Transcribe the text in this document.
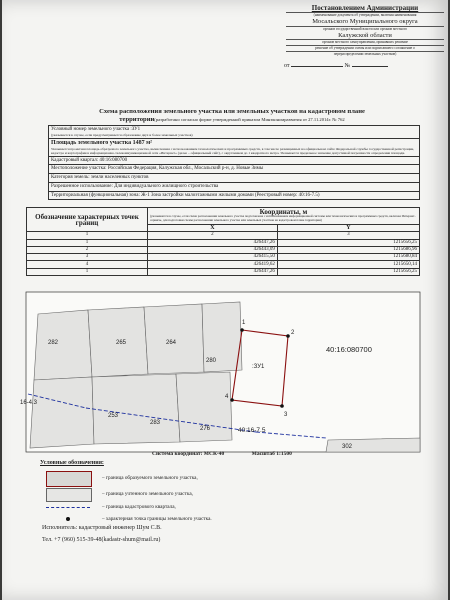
Постановлением Администрации
(наименование документа об утверждении, включая наименования
Мосальского Муниципального округа
органов государственной власти или органов местного
Калужской области
органов местного самоуправления, принявших решение
решение об утверждении схемы или подписавшего соглашение о
перераспределении земельных участков)
от	№
Схема расположения земельного участка или земельных участков на кадастровом плане
территории(разработано согласно форме утвержденной приказом Минэкономразвития от 27.11.2014г. № 762
Условный номер земельного участка :ЗУ1
(указывается в случае, если предусматривается образование двух и более земельных участков)
Площадь земельного участка 1487 м²
Указывается проектная площадь образуемого земельного участка, вычисленная с использованием технологических и программных средств, в том числе размещенных на официальном сайте Федеральной службы государственной регистрации, кадастра и картографии в информационно-телекоммуникационной сети «Интернет» (далее – официальный сайт), с округлением до 1 квадратного метра. Указывается предельное значение допустимой погрешности определения площади.
Кадастровый квартал: 40:16:080700
Местоположение участка: Российская Федерация, Калужская обл., Мосальский р-н, д. Новые Зимы
Категория земель: земли населенных пунктов
Разрешенное использование: Для индивидуального жилищного строительства
Территориальная (функциональная) зона: Ж-1 Зона застройки малоэтажными жилыми домами (Реестровый номер: 40:16-7.5)
Обозначение характерных точек границ	Координаты, м
(указываются в случае, если схема расположения земельного участка подготовлена с использованием информационной системы или технологических и программных средств, включая Интернет-сервисы, для подготовки схемы расположения земельного участка или земельных участков на кадастровом плане территории)	

	X	Y
1	2	3
1	426447,26	1215656,25
2	426443,09	1215686,96
3	426415,50	1215680,84
4	426419,62	1215650,14
1	426447,26	1215656,25
282	265	264
280
:ЗУ1
283
276
253
302
40:16:080700
16-4.3
40:16-7.5
1
2
3
4
Система координат: МСК-40	Масштаб 1:1500
Условные обозначения:
– граница образуемого земельного участка,
– граница учтенного земельного участка,
– граница кадастрового квартала,
– характерная точка границы земельного участка.
Исполнитель: кадастровый инженер Шум С.В.
Тел. +7 (960) 515-39-48(kadastr-shum@mail.ru)
